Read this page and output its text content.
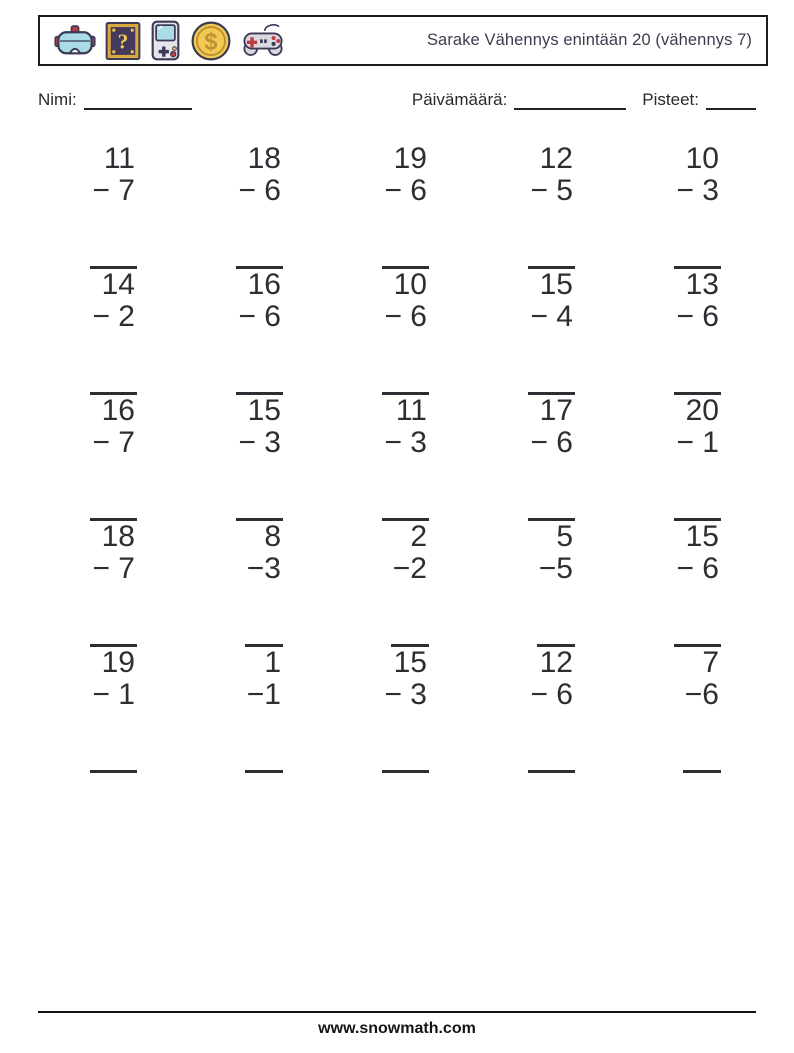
?	$	Sarake Vähennys enintään 20 (vähennys 7)
Nimi:	Päivämäärä:	Pisteet:
11
− 7
18
− 6
19
− 6
12
− 5
10
− 3
14
− 2
16
− 6
10
− 6
15
− 4
13
− 6
16
− 7
15
− 3
11
− 3
17
− 6
20
− 1
18
− 7
8
−3
2
−2
5
−5
15
− 6
19
− 1
1
−1
15
− 3
12
− 6
7
−6
www.snowmath.com
